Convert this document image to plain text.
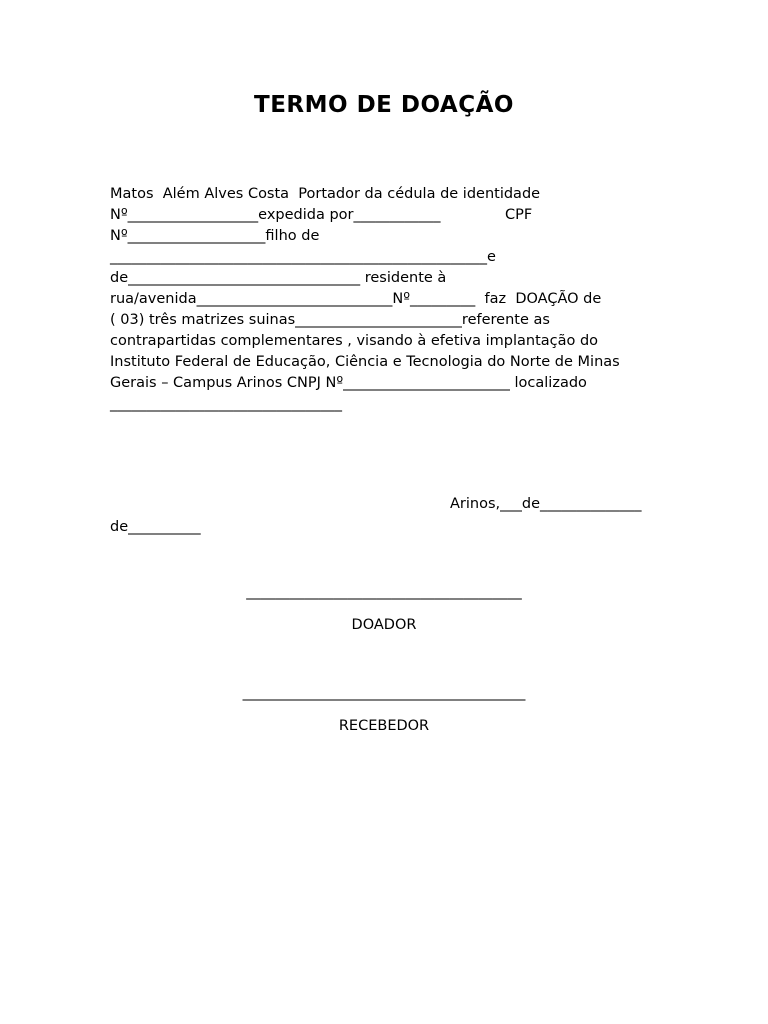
TERMO DE DOAÇÃO
Matos  Além Alves Costa  Portador da cédula de identidade
Nº__________________expedida por____________              CPF
Nº___________________filho de
____________________________________________________e
de________________________________ residente à
rua/avenida___________________________Nº_________  faz  DOAÇÃO de
( 03) três matrizes suinas_______________________referente as
contrapartidas complementares , visando à efetiva implantação do
Instituto Federal de Educação, Ciência e Tecnologia do Norte de Minas
Gerais – Campus Arinos CNPJ Nº_______________________ localizado
________________________________
Arinos,___de______________
de__________
______________________________________
DOADOR
_______________________________________
RECEBEDOR
